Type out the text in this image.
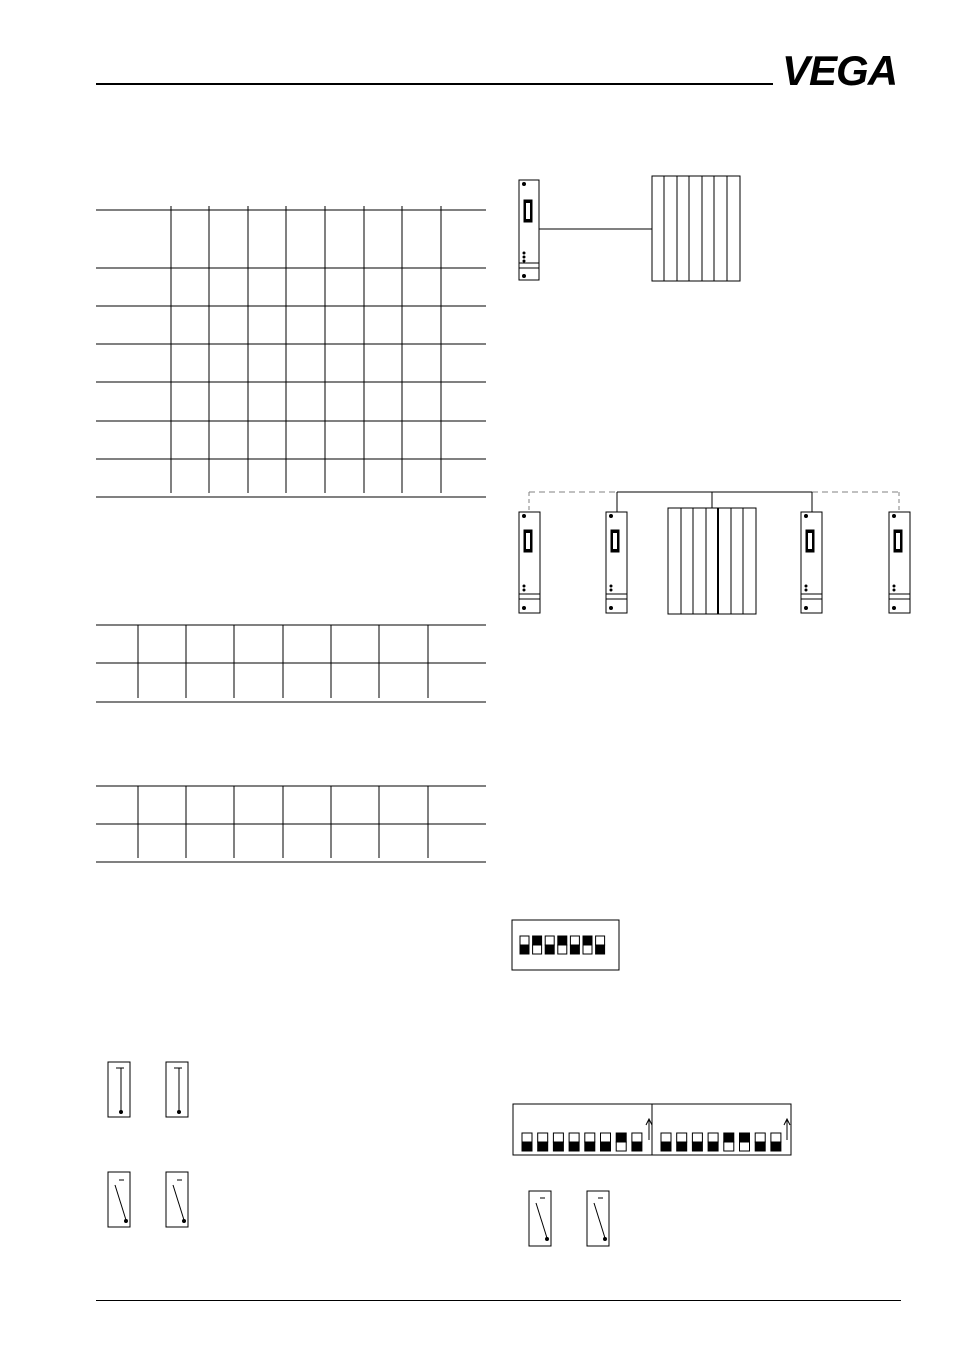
VEGA
